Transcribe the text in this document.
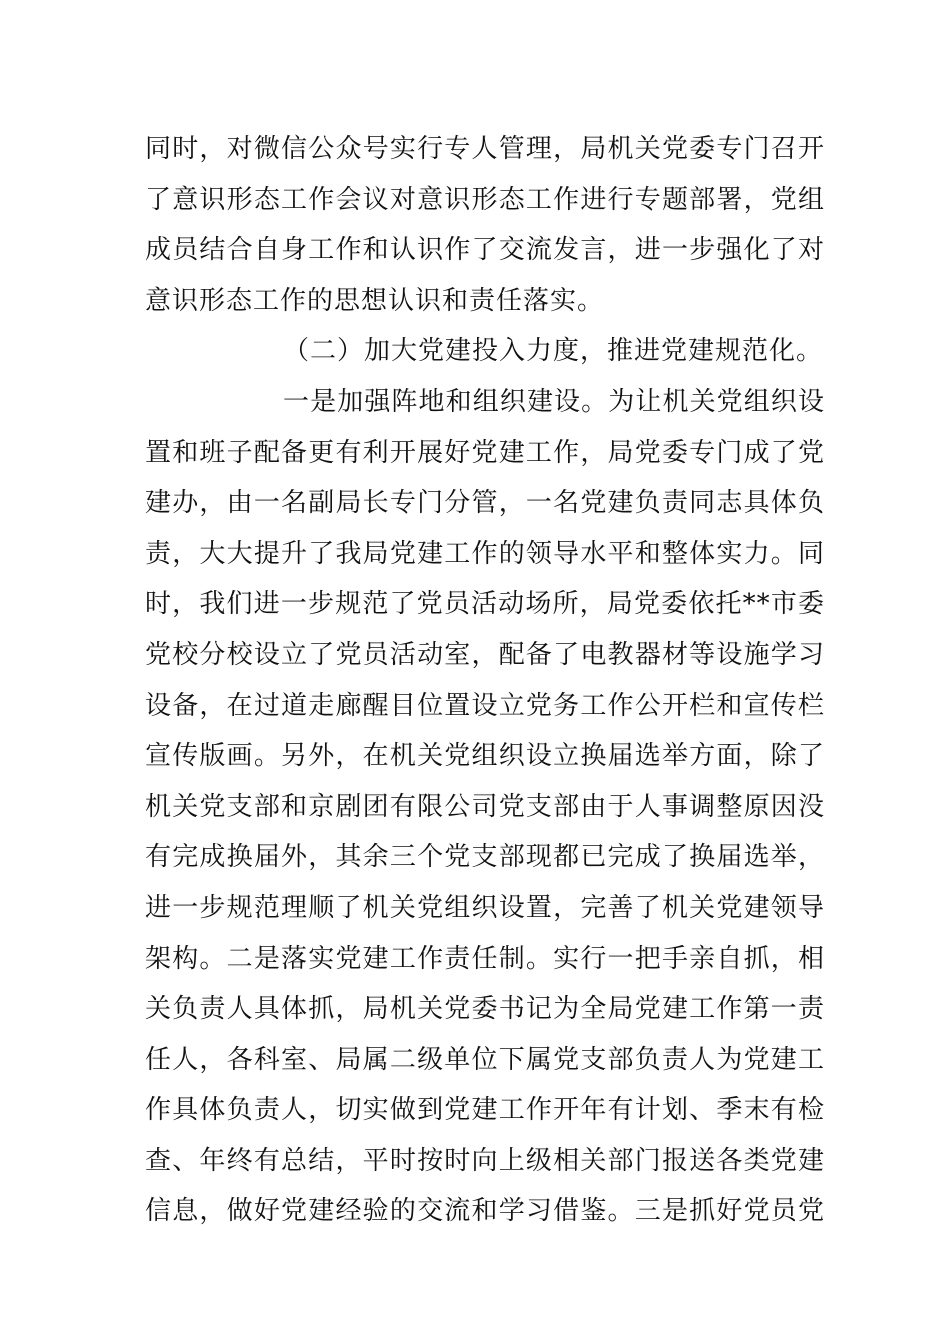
同时，对微信公众号实行专人管理，局机关党委专门召开
了意识形态工作会议对意识形态工作进行专题部署，党组
成员结合自身工作和认识作了交流发言，进一步强化了对
意识形态工作的思想认识和责任落实。
（二）加大党建投入力度，推进党建规范化。
一是加强阵地和组织建设。为让机关党组织设
置和班子配备更有利开展好党建工作，局党委专门成了党
建办，由一名副局长专门分管，一名党建负责同志具体负
责，大大提升了我局党建工作的领导水平和整体实力。同
时，我们进一步规范了党员活动场所，局党委依托**市委
党校分校设立了党员活动室，配备了电教器材等设施学习
设备，在过道走廊醒目位置设立党务工作公开栏和宣传栏
宣传版画。另外，在机关党组织设立换届选举方面，除了
机关党支部和京剧团有限公司党支部由于人事调整原因没
有完成换届外，其余三个党支部现都已完成了换届选举，
进一步规范理顺了机关党组织设置，完善了机关党建领导
架构。二是落实党建工作责任制。实行一把手亲自抓，相
关负责人具体抓，局机关党委书记为全局党建工作第一责
任人，各科室、局属二级单位下属党支部负责人为党建工
作具体负责人，切实做到党建工作开年有计划、季末有检
查、年终有总结，平时按时向上级相关部门报送各类党建
信息，做好党建经验的交流和学习借鉴。三是抓好党员党
